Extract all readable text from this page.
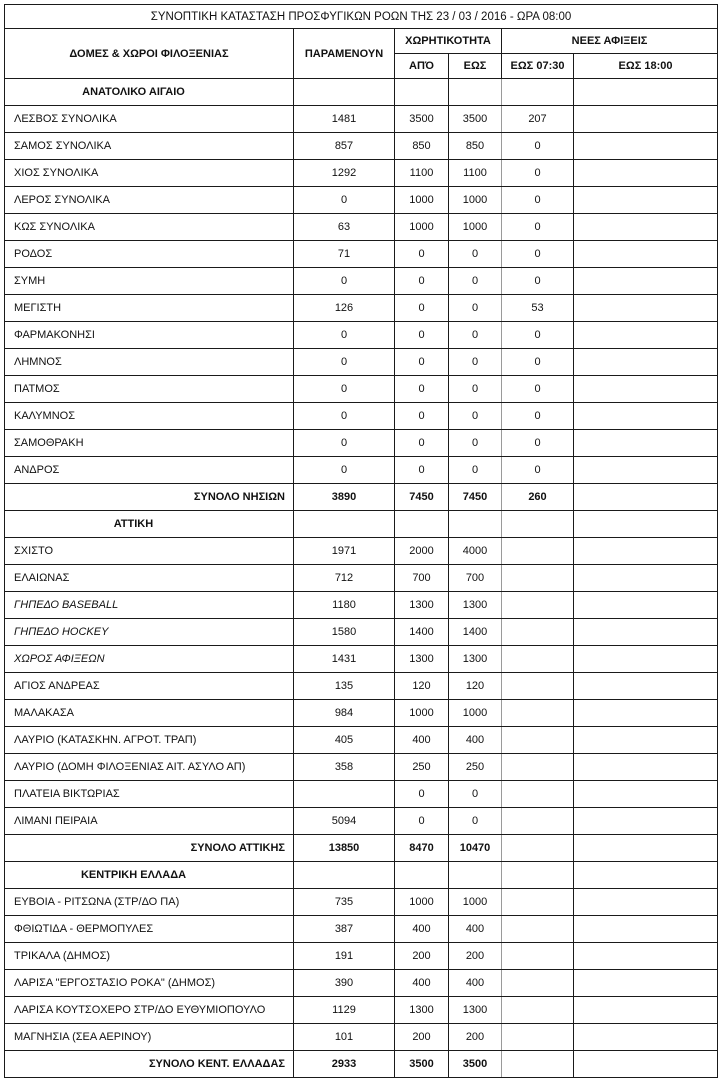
ΣΥΝΟΠΤΙΚΗ ΚΑΤΑΣΤΑΣΗ ΠΡΟΣΦΥΓΙΚΩΝ ΡΟΩΝ ΤΗΣ 23 / 03 / 2016 - ΩΡΑ 08:00					
ΔΟΜΕΣ & ΧΩΡΟΙ ΦΙΛΟΞΕΝΙΑΣ	ΠΑΡΑΜΕΝΟΥΝ	ΧΩΡΗΤΙΚΟΤΗΤΑ		ΝΕΕΣ ΑΦΙΞΕΙΣ	
		ΑΠΌ	ΕΩΣ	ΕΩΣ 07:30	ΕΩΣ 18:00
ΑΝΑΤΟΛΙΚΟ ΑΙΓΑΙΟ					
ΛΕΣΒΟΣ ΣΥΝΟΛΙΚΑ	1481	3500	3500	207	
ΣΑΜΟΣ ΣΥΝΟΛΙΚΑ	857	850	850	0	
ΧΙΟΣ ΣΥΝΟΛΙΚΑ	1292	1100	1100	0	
ΛΕΡΟΣ ΣΥΝΟΛΙΚΑ	0	1000	1000	0	
ΚΩΣ ΣΥΝΟΛΙΚΑ	63	1000	1000	0	
ΡΟΔΟΣ	71	0	0	0	
ΣΥΜΗ	0	0	0	0	
ΜΕΓΙΣΤΗ	126	0	0	53	
ΦΑΡΜΑΚΟΝΗΣΙ	0	0	0	0	
ΛΗΜΝΟΣ	0	0	0	0	
ΠΑΤΜΟΣ	0	0	0	0	
ΚΑΛΥΜΝΟΣ	0	0	0	0	
ΣΑΜΟΘΡΑΚΗ	0	0	0	0	
ΑΝΔΡΟΣ	0	0	0	0	
ΣΥΝΟΛΟ ΝΗΣΙΩΝ	3890	7450	7450	260	
ΑΤΤΙΚΗ					
ΣΧΙΣΤΟ	1971	2000	4000		
ΕΛΑΙΩΝΑΣ	712	700	700		
ΓΗΠΕΔΟ BASEBALL	1180	1300	1300		
ΓΗΠΕΔΟ HOCKEY	1580	1400	1400		
ΧΩΡΟΣ ΑΦΙΞΕΩΝ	1431	1300	1300		
ΑΓΙΟΣ ΑΝΔΡΕΑΣ	135	120	120		
ΜΑΛΑΚΑΣΑ	984	1000	1000		
ΛΑΥΡΙΟ (ΚΑΤΑΣΚΗΝ. ΑΓΡΟΤ. ΤΡΑΠ)	405	400	400		
ΛΑΥΡΙΟ (ΔΟΜΗ ΦΙΛΟΞΕΝΙΑΣ ΑΙΤ. ΑΣΥΛΟ ΑΠ)	358	250	250		
ΠΛΑΤΕΙΑ ΒΙΚΤΩΡΙΑΣ		0	0		
ΛΙΜΑΝΙ ΠΕΙΡΑΙΑ	5094	0	0		
ΣΥΝΟΛΟ ΑΤΤΙΚΗΣ	13850	8470	10470		
ΚΕΝΤΡΙΚΗ ΕΛΛΑΔΑ					
ΕΥΒΟΙΑ - ΡΙΤΣΩΝΑ (ΣΤΡ/ΔΟ ΠΑ)	735	1000	1000		
ΦΘΙΩΤΙΔΑ - ΘΕΡΜΟΠΥΛΕΣ	387	400	400		
ΤΡΙΚΑΛΑ (ΔΗΜΟΣ)	191	200	200		
ΛΑΡΙΣΑ "ΕΡΓΟΣΤΑΣΙΟ ΡΟΚΑ" (ΔΗΜΟΣ)	390	400	400		
ΛΑΡΙΣΑ ΚΟΥΤΣΟΧΕΡΟ ΣΤΡ/ΔΟ ΕΥΘΥΜΙΟΠΟΥΛΟ	1129	1300	1300		
ΜΑΓΝΗΣΙΑ (ΣΕΑ ΑΕΡΙΝΟΥ)	101	200	200		
ΣΥΝΟΛΟ ΚΕΝΤ. ΕΛΛΑΔΑΣ	2933	3500	3500		
